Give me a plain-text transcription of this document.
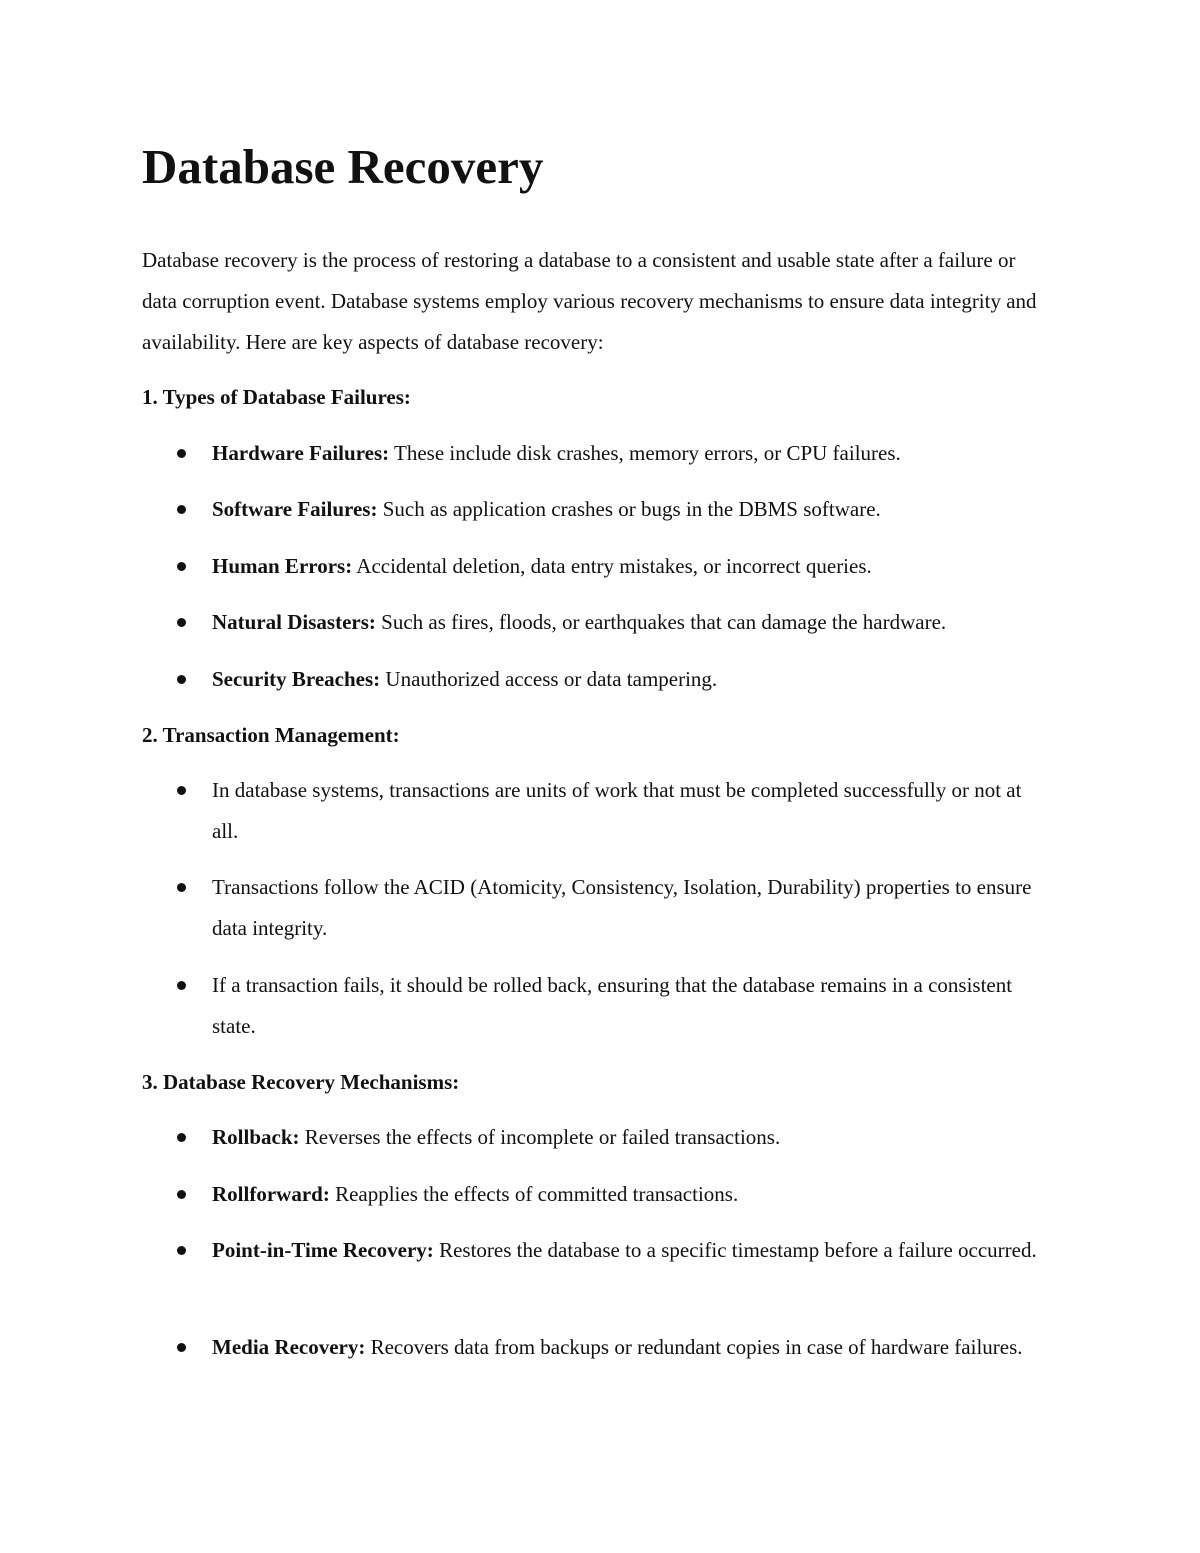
Database Recovery

Database recovery is the process of restoring a database to a consistent and usable state after a failure or data corruption event. Database systems employ various recovery mechanisms to ensure data integrity and availability. Here are key aspects of database recovery:

1. Types of Database Failures:
Hardware Failures: These include disk crashes, memory errors, or CPU failures.
Software Failures: Such as application crashes or bugs in the DBMS software.
Human Errors: Accidental deletion, data entry mistakes, or incorrect queries.
Natural Disasters: Such as fires, floods, or earthquakes that can damage the hardware.
Security Breaches: Unauthorized access or data tampering.
2. Transaction Management:
In database systems, transactions are units of work that must be completed successfully or not at all.
Transactions follow the ACID (Atomicity, Consistency, Isolation, Durability) properties to ensure data integrity.
If a transaction fails, it should be rolled back, ensuring that the database remains in a consistent state.
3. Database Recovery Mechanisms:
Rollback: Reverses the effects of incomplete or failed transactions.
Rollforward: Reapplies the effects of committed transactions.
Point-in-Time Recovery: Restores the database to a specific timestamp before a failure occurred.
Media Recovery: Recovers data from backups or redundant copies in case of hardware failures.
